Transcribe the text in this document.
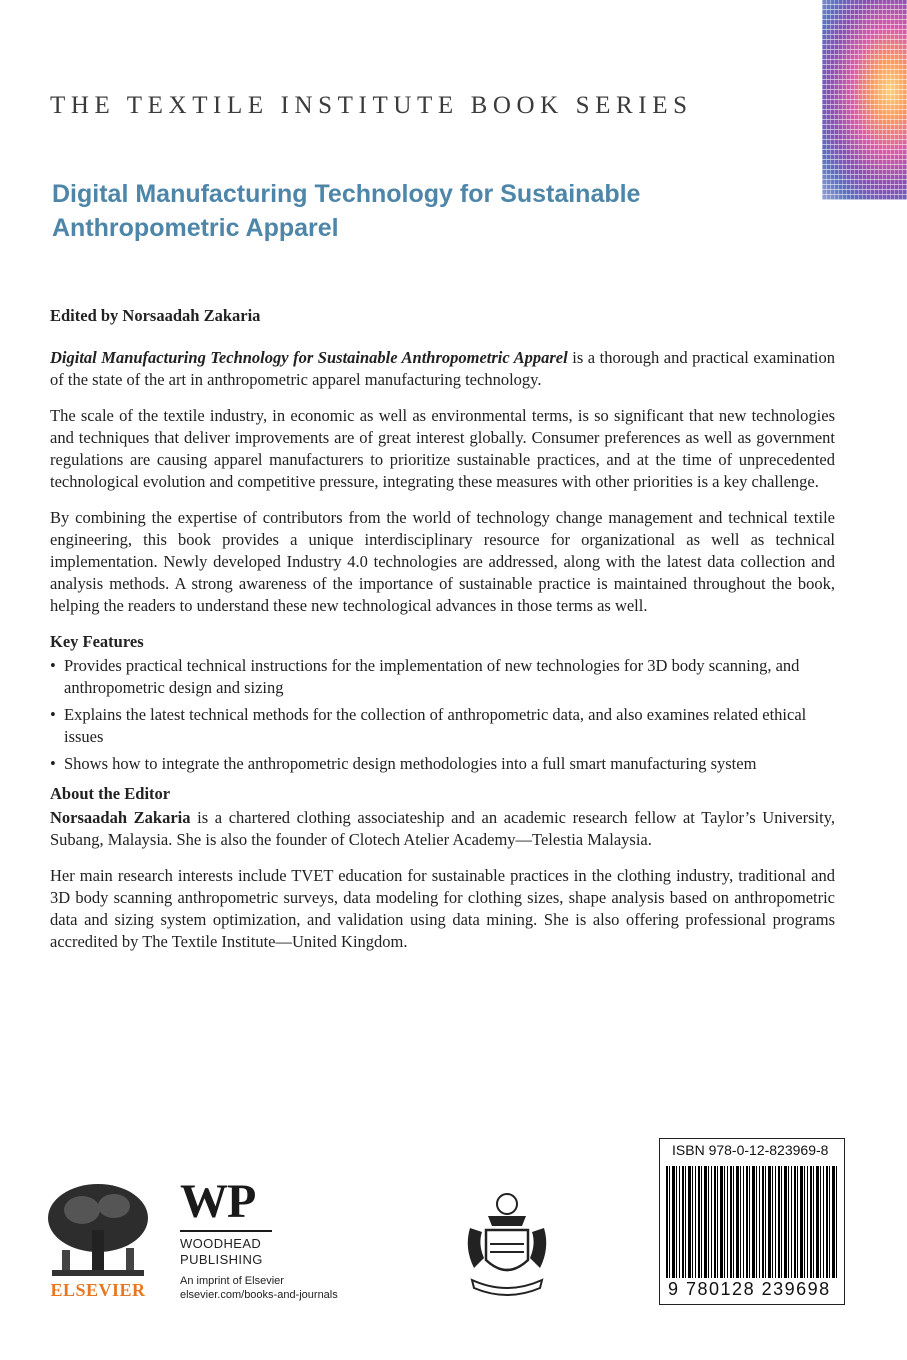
THE TEXTILE INSTITUTE BOOK SERIES
Digital Manufacturing Technology for Sustainable
Anthropometric Apparel

Edited by Norsaadah Zakaria

Digital Manufacturing Technology for Sustainable Anthropometric Apparel is a thorough and practical examination of the state of the art in anthropometric apparel manufacturing technology.

The scale of the textile industry, in economic as well as environmental terms, is so significant that new technologies and techniques that deliver improvements are of great interest globally. Consumer preferences as well as government regulations are causing apparel manufacturers to prioritize sustainable practices, and at the time of unprecedented technological evolution and competitive pressure, integrating these measures with other priorities is a key challenge.

By combining the expertise of contributors from the world of technology change management and technical textile engineering, this book provides a unique interdisciplinary resource for organizational as well as technical implementation. Newly developed Industry 4.0 technologies are addressed, along with the latest data collection and analysis methods. A strong awareness of the importance of sustainable practice is maintained throughout the book, helping the readers to understand these new technological advances in those terms as well.

Key Features
• Provides practical technical instructions for the implementation of new technologies for 3D body scanning, and anthropometric design and sizing
• Explains the latest technical methods for the collection of anthropometric data, and also examines related ethical issues
• Shows how to integrate the anthropometric design methodologies into a full smart manufacturing system
About the Editor

Norsaadah Zakaria is a chartered clothing associateship and an academic research fellow at Taylor’s University, Subang, Malaysia. She is also the founder of Clotech Atelier Academy—Telestia Malaysia.

Her main research interests include TVET education for sustainable practices in the clothing industry, traditional and 3D body scanning anthropometric surveys, data modeling for clothing sizes, shape analysis based on anthropometric data and sizing system optimization, and validation using data mining. She is also offering professional programs accredited by The Textile Institute—United Kingdom.

ELSEVIER
WP
WOODHEAD
PUBLISHING
An imprint of Elsevier
elsevier.com/books-and-journals
ISBN 978-0-12-823969-8
9 780128 239698
